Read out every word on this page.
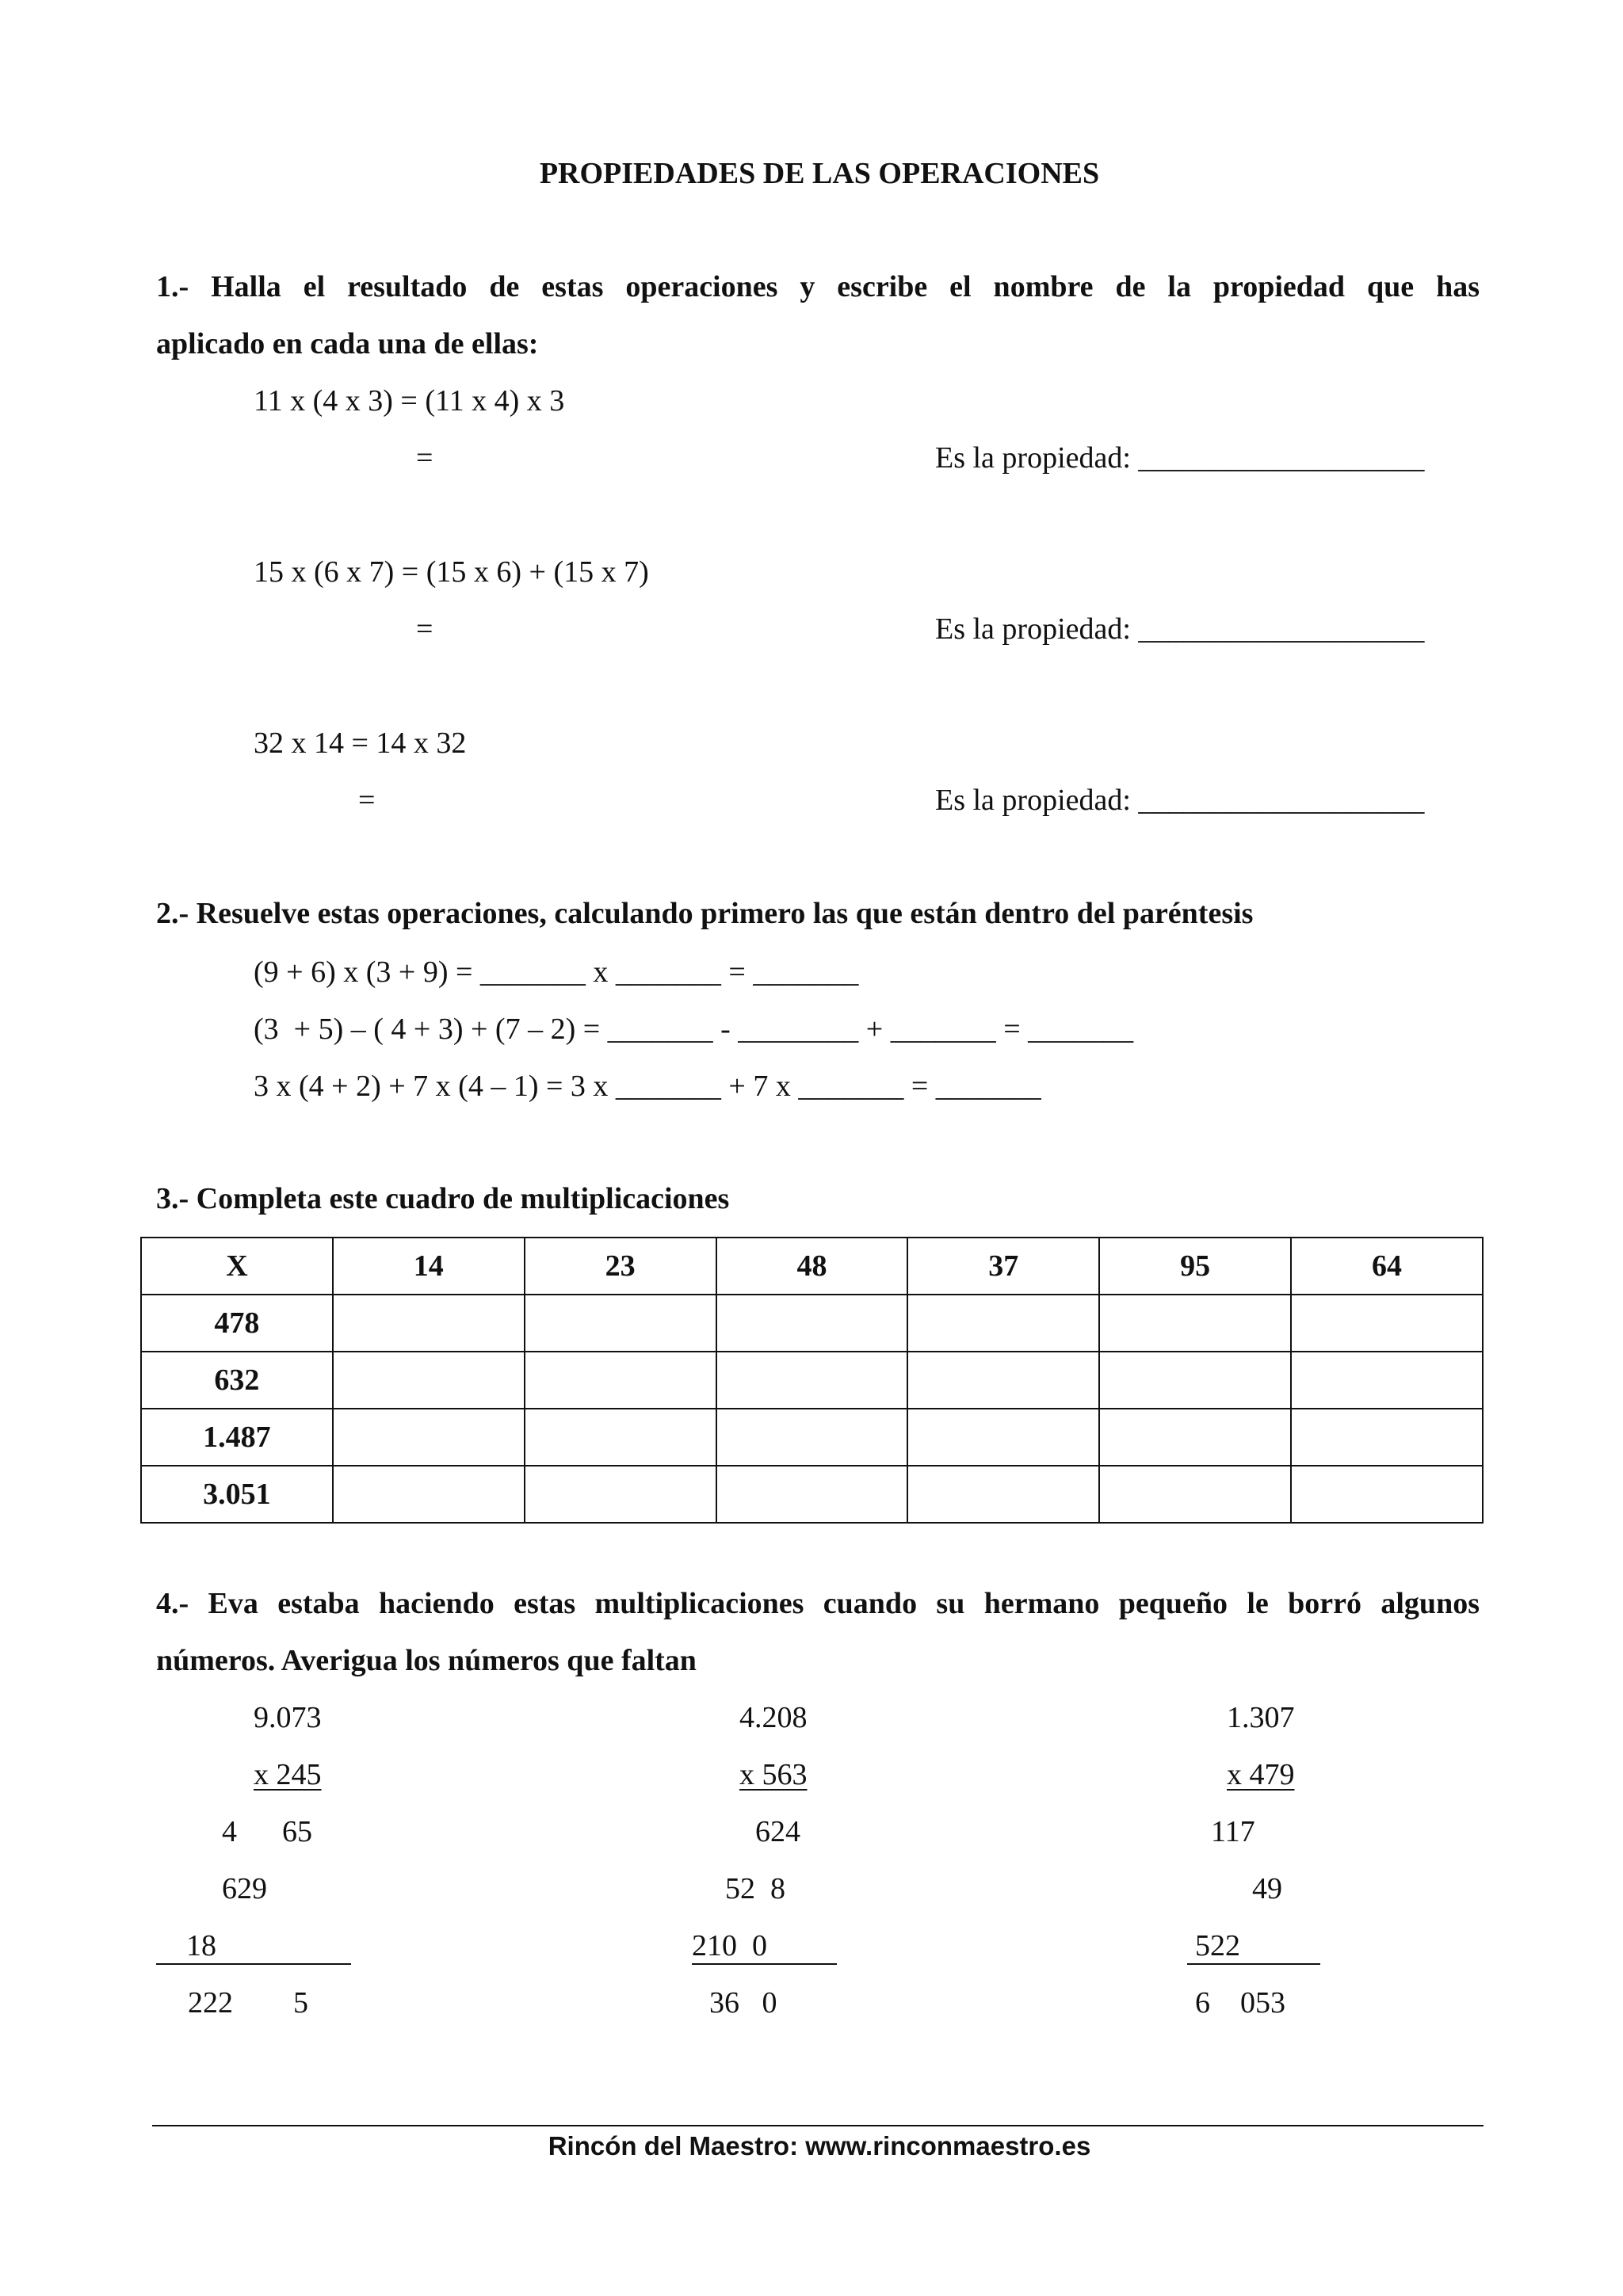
PROPIEDADES DE LAS OPERACIONES
1.- Halla el resultado de estas operaciones y escribe el nombre de la propiedad que has
aplicado en cada una de ellas:
11 x (4 x 3) = (11 x 4) x 3
=	Es la propiedad: ___________________
15 x (6 x 7) = (15 x 6) + (15 x 7)
=	Es la propiedad: ___________________
32 x 14 = 14 x 32
=	Es la propiedad: ___________________
2.- Resuelve estas operaciones, calculando primero las que están dentro del paréntesis
(9 + 6) x (3 + 9) = _______ x _______ = _______
(3  + 5) – ( 4 + 3) + (7 – 2) = _______ - ________ + _______ = _______
3 x (4 + 2) + 7 x (4 – 1) = 3 x _______ + 7 x _______ = _______
3.- Completa este cuadro de multiplicaciones
X	14	23	48	37	95	64
478						
632						
1.487						
3.051						
4.- Eva estaba haciendo estas multiplicaciones cuando su hermano pequeño le borró algunos
números. Averigua los números que faltan
9.073
x 245
4      65
629
18
222        5
4.208
x 563
624
52  8
210  0
36   0
1.307
x 479
117
49
522
6    053
Rincón del Maestro: www.rinconmaestro.es
